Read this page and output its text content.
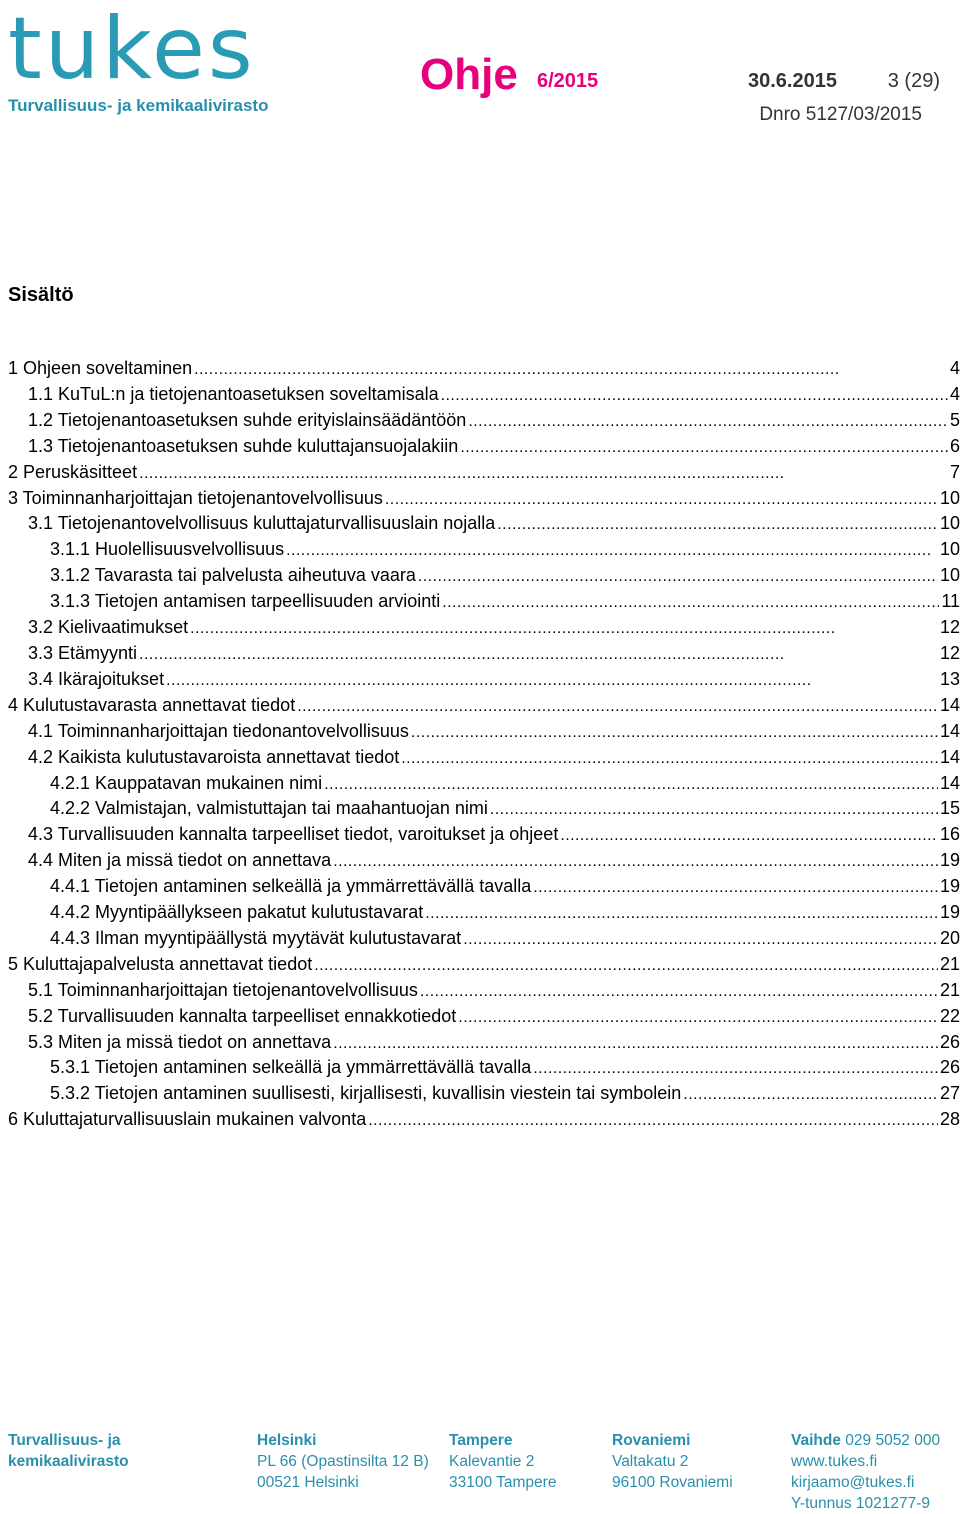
tukes
Turvallisuus- ja kemikaalivirasto
Ohje 6/2015	30.6.2015	3 (29)
Dnro 5127/03/2015
Sisältö
1 Ohjeen soveltaminen . . .	4
1.1 KuTuL:n ja tietojenantoasetuksen soveltamisala . . .	4
1.2 Tietojenantoasetuksen suhde erityislainsäädäntöön . . .	5
1.3 Tietojenantoasetuksen suhde kuluttajansuojalakiin . . .	6
2 Peruskäsitteet . . .	7
3 Toiminnanharjoittajan tietojenantovelvollisuus . . .	10
3.1 Tietojenantovelvollisuus kuluttajaturvallisuuslain nojalla . . .	10
3.1.1 Huolellisuusvelvollisuus . . .	10
3.1.2 Tavarasta tai palvelusta aiheutuva vaara . . .	10
3.1.3 Tietojen antamisen tarpeellisuuden arviointi . . .	11
3.2 Kielivaatimukset . . .	12
3.3 Etämyynti . . .	12
3.4 Ikärajoitukset . . .	13
4 Kulutustavarasta annettavat tiedot . . .	14
4.1 Toiminnanharjoittajan tiedonantovelvollisuus . . .	14
4.2 Kaikista kulutustavaroista annettavat tiedot . . .	14
4.2.1 Kauppatavan mukainen nimi . . .	14
4.2.2 Valmistajan, valmistuttajan tai maahantuojan nimi . . .	15
4.3 Turvallisuuden kannalta tarpeelliset tiedot, varoitukset ja ohjeet . . .	16
4.4 Miten ja missä tiedot on annettava . . .	19
4.4.1 Tietojen antaminen selkeällä ja ymmärrettävällä tavalla . . .	19
4.4.2 Myyntipäällykseen pakatut kulutustavarat . . .	19
4.4.3 Ilman myyntipäällystä myytävät kulutustavarat . . .	20
5 Kuluttajapalvelusta annettavat tiedot . . .	21
5.1 Toiminnanharjoittajan tietojenantovelvollisuus . . .	21
5.2 Turvallisuuden kannalta tarpeelliset ennakkotiedot . . .	22
5.3 Miten ja missä tiedot on annettava . . .	26
5.3.1 Tietojen antaminen selkeällä ja ymmärrettävällä tavalla . . .	26
5.3.2 Tietojen antaminen suullisesti, kirjallisesti, kuvallisin viestein tai symbolein . . .	27
6 Kuluttajaturvallisuuslain mukainen valvonta . . .	28
Turvallisuus- ja
kemikaalivirasto
Helsinki
PL 66 (Opastinsilta 12 B)
00521 Helsinki
Tampere
Kalevantie 2
33100 Tampere
Rovaniemi
Valtakatu 2
96100 Rovaniemi
Vaihde 029 5052 000
www.tukes.fi
kirjaamo@tukes.fi
Y-tunnus 1021277-9
